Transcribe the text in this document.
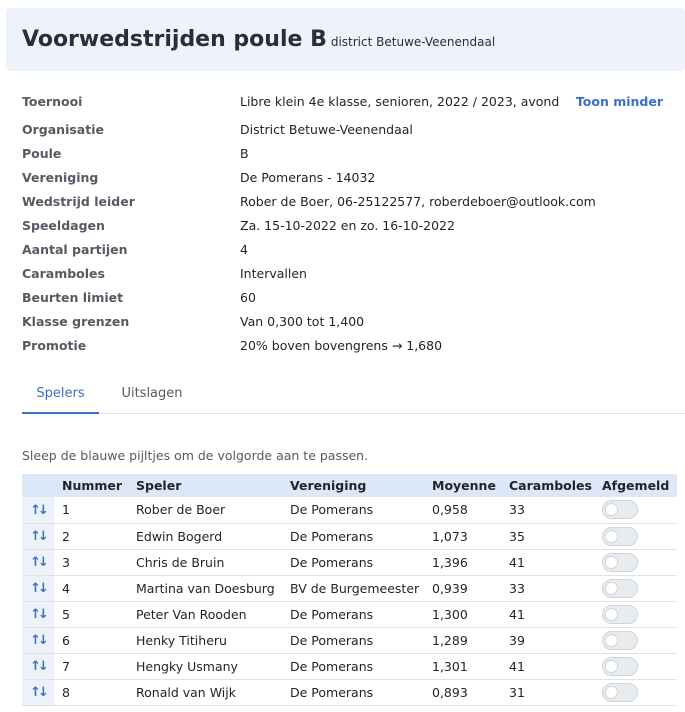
Voorwedstrijden poule B district Betuwe-Veenendaal
Toernooi	Libre klein 4e klasse, senioren, 2022 / 2023, avond Toon minder
Organisatie	District Betuwe-Veenendaal
Poule	B
Vereniging	De Pomerans - 14032
Wedstrijd leider	Rober de Boer, 06-25122577, roberdeboer@outlook.com
Speeldagen	Za. 15-10-2022 en zo. 16-10-2022
Aantal partijen	4
Caramboles	Intervallen
Beurten limiet	60
Klasse grenzen	Van 0,300 tot 1,400
Promotie	20% boven bovengrens → 1,680
Spelers	Uitslagen
Sleep de blauwe pijltjes om de volgorde aan te passen.
	Nummer	Speler	Vereniging	Moyenne	Caramboles	Afgemeld
↑↓	1	Rober de Boer	De Pomerans	0,958	33	

↑↓	2	Edwin Bogerd	De Pomerans	1,073	35	

↑↓	3	Chris de Bruin	De Pomerans	1,396	41	

↑↓	4	Martina van Doesburg	BV de Burgemeester	0,939	33	

↑↓	5	Peter Van Rooden	De Pomerans	1,300	41	

↑↓	6	Henky Titiheru	De Pomerans	1,289	39	

↑↓	7	Hengky Usmany	De Pomerans	1,301	41	

↑↓	8	Ronald van Wijk	De Pomerans	0,893	31	
